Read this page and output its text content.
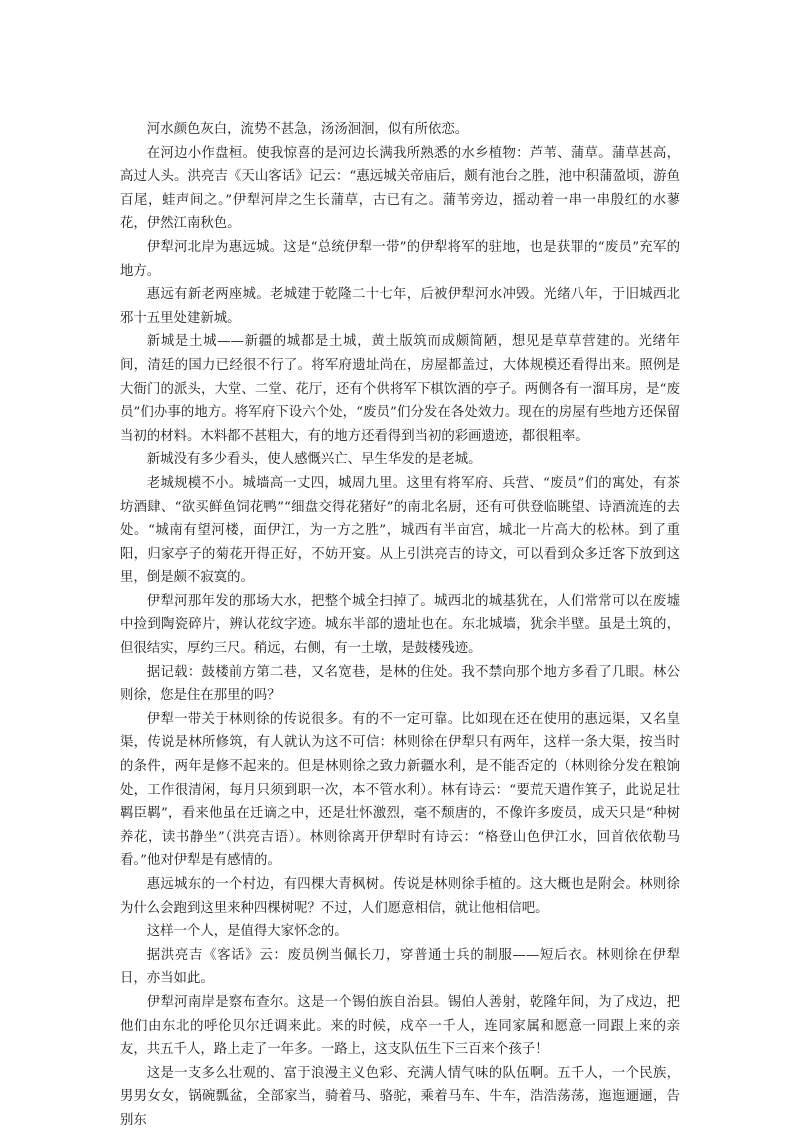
河水颜色灰白，流势不甚急，汤汤洄洄，似有所依恋。

在河边小作盘桓。使我惊喜的是河边长满我所熟悉的水乡植物：芦苇、蒲草。蒲草甚高，高过人头。洪亮吉《天山客话》记云：“惠远城关帝庙后，颇有池台之胜，池中积蒲盈顷，游鱼百尾，蛙声间之。”伊犁河岸之生长蒲草，古已有之。蒲苇旁边，摇动着一串一串殷红的水蓼花，伊然江南秋色。

伊犁河北岸为惠远城。这是“总统伊犁一带”的伊犁将军的驻地，也是获罪的“废员”充军的地方。

惠远有新老两座城。老城建于乾隆二十七年，后被伊犁河水冲毁。光绪八年，于旧城西北邪十五里处建新城。

新城是土城——新疆的城都是土城，黄土版筑而成颇简陋，想见是草草营建的。光绪年间，清廷的国力已经很不行了。将军府遗址尚在，房屋都盖过，大体规模还看得出来。照例是大衙门的派头，大堂、二堂、花厅，还有个供将军下棋饮酒的亭子。两侧各有一溜耳房，是“废员”们办事的地方。将军府下设六个处，“废员”们分发在各处效力。现在的房屋有些地方还保留当初的材料。木料都不甚粗大，有的地方还看得到当初的彩画遗迹，都很粗率。

新城没有多少看头，使人感慨兴亡、早生华发的是老城。

老城规模不小。城墙高一丈四，城周九里。这里有将军府、兵营、“废员”们的寓处，有茶坊酒肆、“欲买鲜鱼饲花鸭”“细盘交得花猪好”的南北名厨，还有可供登临眺望、诗酒流连的去处。“城南有望河楼，面伊江，为一方之胜”，城西有半亩宫，城北一片高大的松林。到了重阳，归家亭子的菊花开得正好，不妨开宴。从上引洪亮吉的诗文，可以看到众多迁客下放到这里，倒是颇不寂寞的。

伊犁河那年发的那场大水，把整个城全扫掉了。城西北的城基犹在，人们常常可以在废墟中捡到陶瓷碎片，辨认花纹字迹。城东半部的遗址也在。东北城墙，犹余半壁。虽是土筑的，但很结实，厚约三尺。稍远，右侧，有一土墩，是鼓楼残迹。

据记载：鼓楼前方第二巷，又名宽巷，是林的住处。我不禁向那个地方多看了几眼。林公则徐，您是住在那里的吗？

伊犁一带关于林则徐的传说很多。有的不一定可靠。比如现在还在使用的惠远渠，又名皇渠，传说是林所修筑，有人就认为这不可信：林则徐在伊犁只有两年，这样一条大渠，按当时的条件，两年是修不起来的。但是林则徐之致力新疆水利，是不能否定的（林则徐分发在粮饷处，工作很清闲，每月只须到职一次，本不管水利）。林有诗云：“要荒天遣作箕子，此说足壮羁臣羁”，看来他虽在迁谪之中，还是壮怀激烈，毫不颓唐的，不像许多废员，成天只是“种树养花，读书静坐”（洪亮吉语）。林则徐离开伊犁时有诗云：“格登山色伊江水，回首依依勒马看。”他对伊犁是有感情的。

惠远城东的一个村边，有四棵大青枫树。传说是林则徐手植的。这大概也是附会。林则徐为什么会跑到这里来种四棵树呢？不过，人们愿意相信，就让他相信吧。

这样一个人，是值得大家怀念的。

据洪亮吉《客话》云：废员例当佩长刀，穿普通士兵的制服——短后衣。林则徐在伊犁日，亦当如此。

伊犁河南岸是察布查尔。这是一个锡伯族自治县。锡伯人善射，乾隆年间，为了戍边，把他们由东北的呼伦贝尔迁调来此。来的时候，戍卒一千人，连同家属和愿意一同跟上来的亲友，共五千人，路上走了一年多。一路上，这支队伍生下三百来个孩子！

这是一支多么壮观的、富于浪漫主义色彩、充满人情气味的队伍啊。五千人，一个民族，男男女女，锅碗瓢盆，全部家当，骑着马、骆驼，乘着马车、牛车，浩浩荡荡，迤迤逦逦，告别东
